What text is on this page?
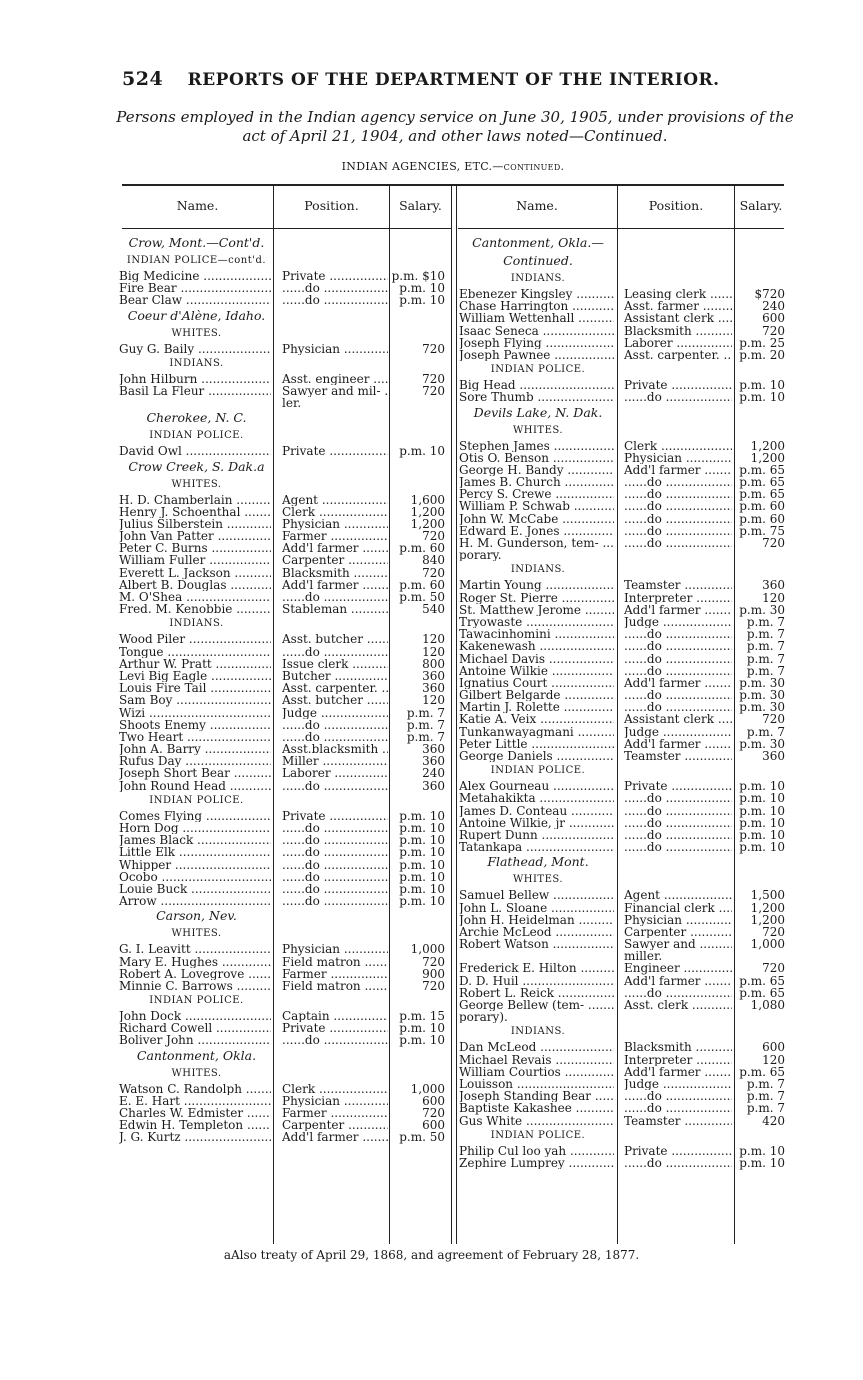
524 REPORTS OF THE DEPARTMENT OF THE INTERIOR.
Persons employed in the Indian agency service on June 30, 1905, under provisions of the act of April 21, 1904, and other laws noted—Continued.
INDIAN AGENCIES, ETC.—continued.
Name.	Position.	Salary.	Name.	Position.	Salary.
Crow, Mont.—Cont'd.
INDIAN POLICE—cont'd.
Big Medicine .....	Private .....	p.m. $10
Fire Bear .....	......do .....	p.m. 10
Bear Claw .....	......do .....	p.m. 10
Coeur d'Alène, Idaho.
WHITES.
Guy G. Baily .....	Physician .....	720
INDIANS.
John Hilburn .....	Asst. engineer .....	720
Basil La Fleur .....	Sawyer and mil- .....	720
ler.
Cherokee, N. C.
INDIAN POLICE.
David Owl .....	Private .....	p.m. 10
Crow Creek, S. Dak.a
WHITES.
H. D. Chamberlain .....	Agent .....	1,600
Henry J. Schoenthal .....	Clerk .....	1,200
Julius Silberstein .....	Physician .....	1,200
John Van Patter .....	Farmer .....	720
Peter C. Burns .....	Add'l farmer .....	p.m. 60
William Fuller .....	Carpenter .....	840
Everett L. Jackson .....	Blacksmith .....	720
Albert B. Douglas .....	Add'l farmer .....	p.m. 60
M. O'Shea .....	......do .....	p.m. 50
Fred. M. Kenobbie .....	Stableman .....	540
INDIANS.
Wood Piler .....	Asst. butcher .....	120
Tongue .....	......do .....	120
Arthur W. Pratt .....	Issue clerk .....	800
Levi Big Eagle .....	Butcher .....	360
Louis Fire Tail .....	Asst. carpenter. .....	360
Sam Boy .....	Asst. butcher .....	120
Wizi .....	Judge .....	p.m. 7
Shoots Enemy .....	......do .....	p.m. 7
Two Heart .....	......do .....	p.m. 7
John A. Barry .....	Asst.blacksmith .....	360
Rufus Day .....	Miller .....	360
Joseph Short Bear .....	Laborer .....	240
John Round Head .....	......do .....	360
INDIAN POLICE.
Comes Flying .....	Private .....	p.m. 10
Horn Dog .....	......do .....	p.m. 10
James Black .....	......do .....	p.m. 10
Little Elk .....	......do .....	p.m. 10
Whipper .....	......do .....	p.m. 10
Ocobo .....	......do .....	p.m. 10
Louie Buck .....	......do .....	p.m. 10
Arrow .....	......do .....	p.m. 10
Carson, Nev.
WHITES.
G. I. Leavitt .....	Physician .....	1,000
Mary E. Hughes .....	Field matron .....	720
Robert A. Lovegrove .....	Farmer .....	900
Minnie C. Barrows .....	Field matron .....	720
INDIAN POLICE.
John Dock .....	Captain .....	p.m. 15
Richard Cowell .....	Private .....	p.m. 10
Boliver John .....	......do .....	p.m. 10
Cantonment, Okla.
WHITES.
Watson C. Randolph .....	Clerk .....	1,000
E. E. Hart .....	Physician .....	600
Charles W. Edmister .....	Farmer .....	720
Edwin H. Templeton .....	Carpenter .....	600
J. G. Kurtz .....	Add'l farmer .....	p.m. 50
Cantonment, Okla.—
Continued.
INDIANS.
Ebenezer Kingsley .....	Leasing clerk .....	$720
Chase Harrington .....	Asst. farmer .....	240
William Wettenhall .....	Assistant clerk .....	600
Isaac Seneca .....	Blacksmith .....	720
Joseph Flying .....	Laborer .....	p.m. 25
Joseph Pawnee .....	Asst. carpenter. .....	p.m. 20
INDIAN POLICE.
Big Head .....	Private .....	p.m. 10
Sore Thumb .....	......do .....	p.m. 10
Devils Lake, N. Dak.
WHITES.
Stephen James .....	Clerk .....	1,200
Otis O. Benson .....	Physician .....	1,200
George H. Bandy .....	Add'l farmer .....	p.m. 65
James B. Church .....	......do .....	p.m. 65
Percy S. Crewe .....	......do .....	p.m. 65
William P. Schwab .....	......do .....	p.m. 60
John W. McCabe .....	......do .....	p.m. 60
Edward E. Jones .....	......do .....	p.m. 75
H. M. Gunderson, tem- .....	......do .....	720
porary.
INDIANS.
Martin Young .....	Teamster .....	360
Roger St. Pierre .....	Interpreter .....	120
St. Matthew Jerome .....	Add'l farmer .....	p.m. 30
Tryowaste .....	Judge .....	p.m. 7
Tawacinhomini .....	......do .....	p.m. 7
Kakenewash .....	......do .....	p.m. 7
Michael Davis .....	......do .....	p.m. 7
Antoine Wilkie .....	......do .....	p.m. 7
Ignatius Court .....	Add'l farmer .....	p.m. 30
Gilbert Belgarde .....	......do .....	p.m. 30
Martin J. Rolette .....	......do .....	p.m. 30
Katie A. Veix .....	Assistant clerk .....	720
Tunkanwayagmani .....	Judge .....	p.m. 7
Peter Little .....	Add'l farmer .....	p.m. 30
George Daniels .....	Teamster .....	360
INDIAN POLICE.
Alex Gourneau .....	Private .....	p.m. 10
Metahakikta .....	......do .....	p.m. 10
James D. Conteau .....	......do .....	p.m. 10
Antoine Wilkie, jr .....	......do .....	p.m. 10
Rupert Dunn .....	......do .....	p.m. 10
Tatankapa .....	......do .....	p.m. 10
Flathead, Mont.
WHITES.
Samuel Bellew .....	Agent .....	1,500
John L. Sloane .....	Financial clerk .....	1,200
John H. Heidelman .....	Physician .....	1,200
Archie McLeod .....	Carpenter .....	720
Robert Watson .....	Sawyer and .....	1,000
miller.
Frederick E. Hilton .....	Engineer .....	720
D. D. Huil .....	Add'l farmer .....	p.m. 65
Robert L. Reick .....	......do .....	p.m. 65
George Bellew (tem- .....	Asst. clerk .....	1,080
porary).
INDIANS.
Dan McLeod .....	Blacksmith .....	600
Michael Revais .....	Interpreter .....	120
William Courtios .....	Add'l farmer .....	p.m. 65
Louisson .....	Judge .....	p.m. 7
Joseph Standing Bear .....	......do .....	p.m. 7
Baptiste Kakashee .....	......do .....	p.m. 7
Gus White .....	Teamster .....	420
INDIAN POLICE.
Philip Cul loo yah .....	Private .....	p.m. 10
Zephire Lumprey .....	......do .....	p.m. 10
aAlso treaty of April 29, 1868, and agreement of February 28, 1877.
